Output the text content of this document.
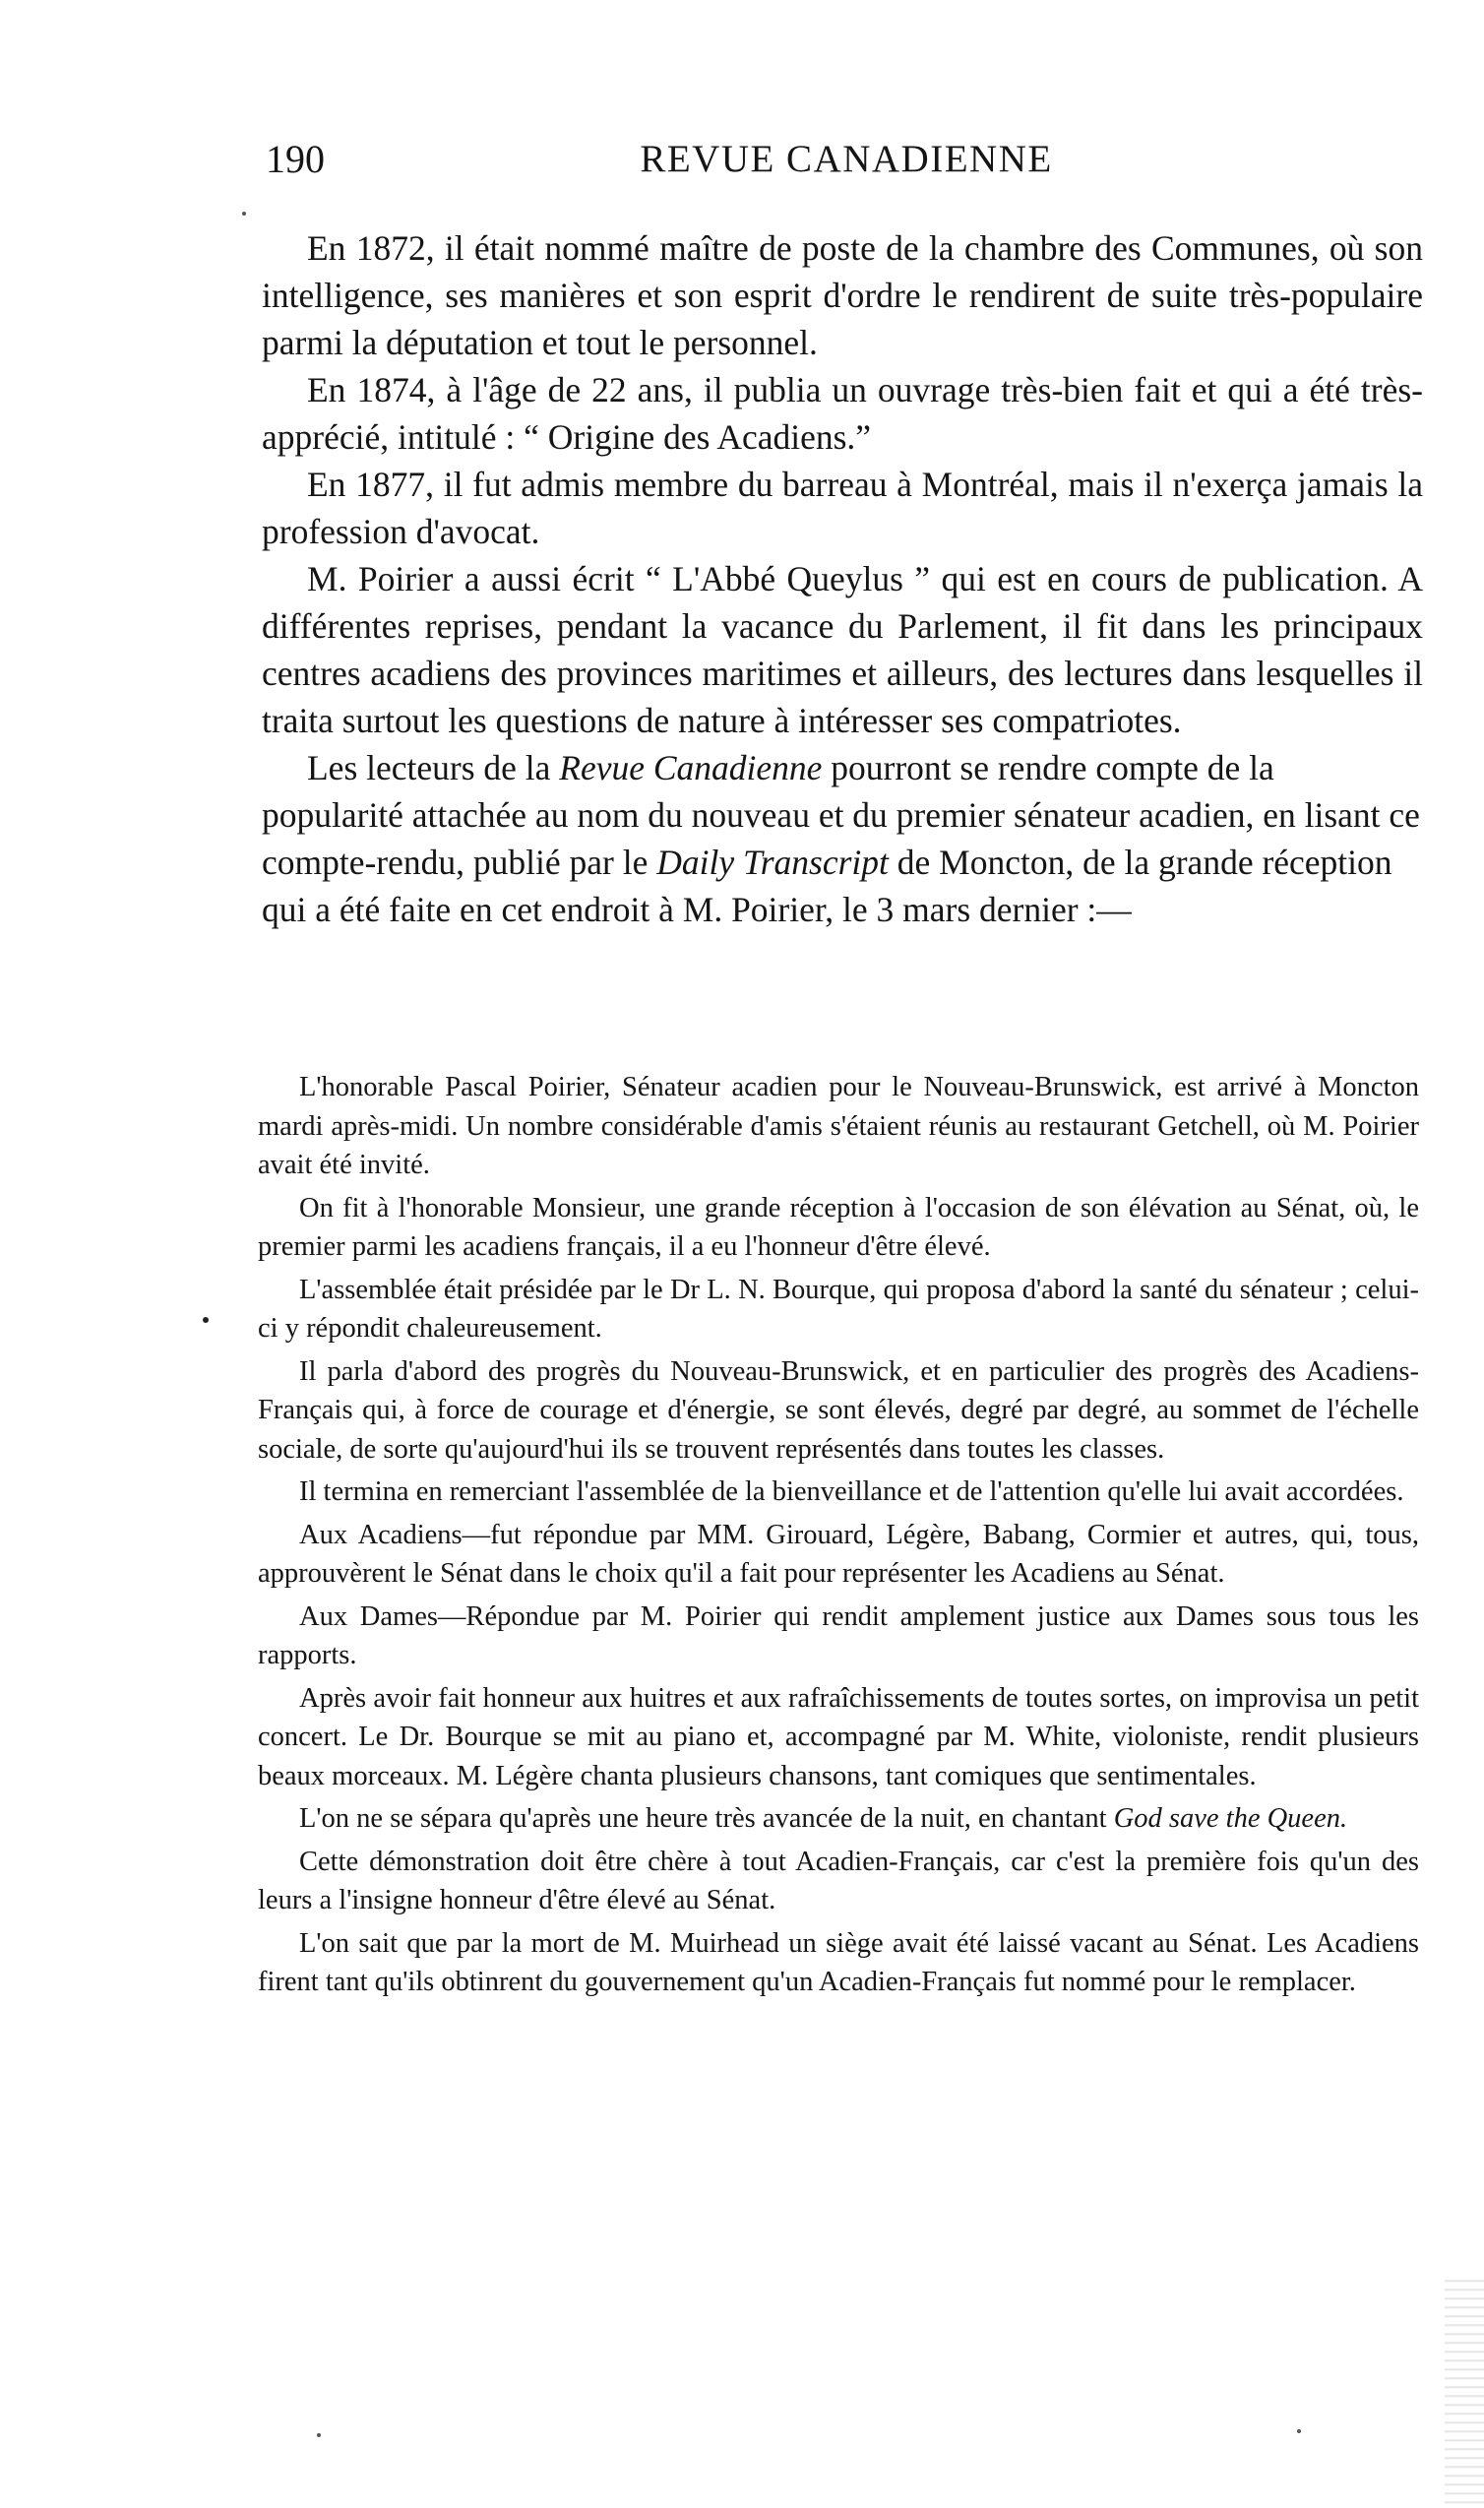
190	REVUE CANADIENNE

En 1872, il était nommé maître de poste de la chambre des Communes, où son intelligence, ses manières et son esprit d'ordre le rendirent de suite très-populaire parmi la députation et tout le personnel.

En 1874, à l'âge de 22 ans, il publia un ouvrage très-bien fait et qui a été très-apprécié, intitulé : “ Origine des Acadiens.”

En 1877, il fut admis membre du barreau à Montréal, mais il n'exerça jamais la profession d'avocat.

M. Poirier a aussi écrit “ L'Abbé Queylus ” qui est en cours de publication. A différentes reprises, pendant la vacance du Parlement, il fit dans les principaux centres acadiens des provinces maritimes et ailleurs, des lectures dans lesquelles il traita surtout les questions de nature à intéresser ses compatriotes.

Les lecteurs de la Revue Canadienne pourront se rendre compte de la popularité attachée au nom du nouveau et du premier sénateur acadien, en lisant ce compte-rendu, publié par le Daily Transcript de Moncton, de la grande réception qui a été faite en cet endroit à M. Poirier, le 3 mars dernier :—

L'honorable Pascal Poirier, Sénateur acadien pour le Nouveau-Brunswick, est arrivé à Moncton mardi après-midi. Un nombre considérable d'amis s'étaient réunis au restaurant Getchell, où M. Poirier avait été invité.

On fit à l'honorable Monsieur, une grande réception à l'occasion de son élévation au Sénat, où, le premier parmi les acadiens français, il a eu l'honneur d'être élevé.

L'assemblée était présidée par le Dr L. N. Bourque, qui proposa d'abord la santé du sénateur ; celui-ci y répondit chaleureusement.

Il parla d'abord des progrès du Nouveau-Brunswick, et en particulier des progrès des Acadiens-Français qui, à force de courage et d'énergie, se sont élevés, degré par degré, au sommet de l'échelle sociale, de sorte qu'aujourd'hui ils se trouvent représentés dans toutes les classes.

Il termina en remerciant l'assemblée de la bienveillance et de l'attention qu'elle lui avait accordées.

Aux Acadiens—fut répondue par MM. Girouard, Légère, Babang, Cormier et autres, qui, tous, approuvèrent le Sénat dans le choix qu'il a fait pour représenter les Acadiens au Sénat.

Aux Dames—Répondue par M. Poirier qui rendit amplement justice aux Dames sous tous les rapports.

Après avoir fait honneur aux huitres et aux rafraîchissements de toutes sortes, on improvisa un petit concert. Le Dr. Bourque se mit au piano et, accompagné par M. White, violoniste, rendit plusieurs beaux morceaux. M. Légère chanta plusieurs chansons, tant comiques que sentimentales.

L'on ne se sépara qu'après une heure très avancée de la nuit, en chantant God save the Queen.

Cette démonstration doit être chère à tout Acadien-Français, car c'est la première fois qu'un des leurs a l'insigne honneur d'être élevé au Sénat.

L'on sait que par la mort de M. Muirhead un siège avait été laissé vacant au Sénat. Les Acadiens firent tant qu'ils obtinrent du gouvernement qu'un Acadien-Français fut nommé pour le remplacer.
